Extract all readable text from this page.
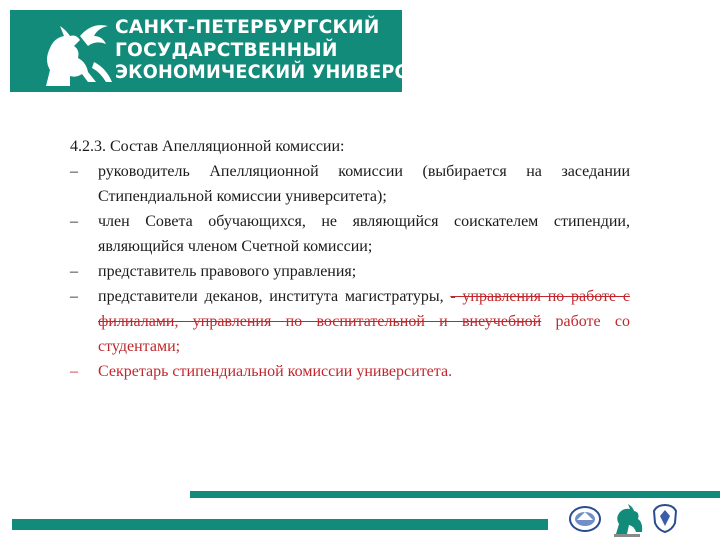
САНКТ-ПЕТЕРБУРГСКИЙ
ГОСУДАРСТВЕННЫЙ
ЭКОНОМИЧЕСКИЙ УНИВЕРСИТЕТ

4.2.3. Состав Апелляционной комиссии:

– руководитель Апелляционной комиссии (выбирается на заседании Стипендиальной комиссии университета);
– член Совета обучающихся, не являющийся соискателем стипендии, являющийся членом Счетной комиссии;
– представитель правового управления;
– представители деканов, института магистратуры, - управления по работе с филиалами, управления по воспитательной и внеучебной работе со студентами;
– Секретарь стипендиальной комиссии университета.
